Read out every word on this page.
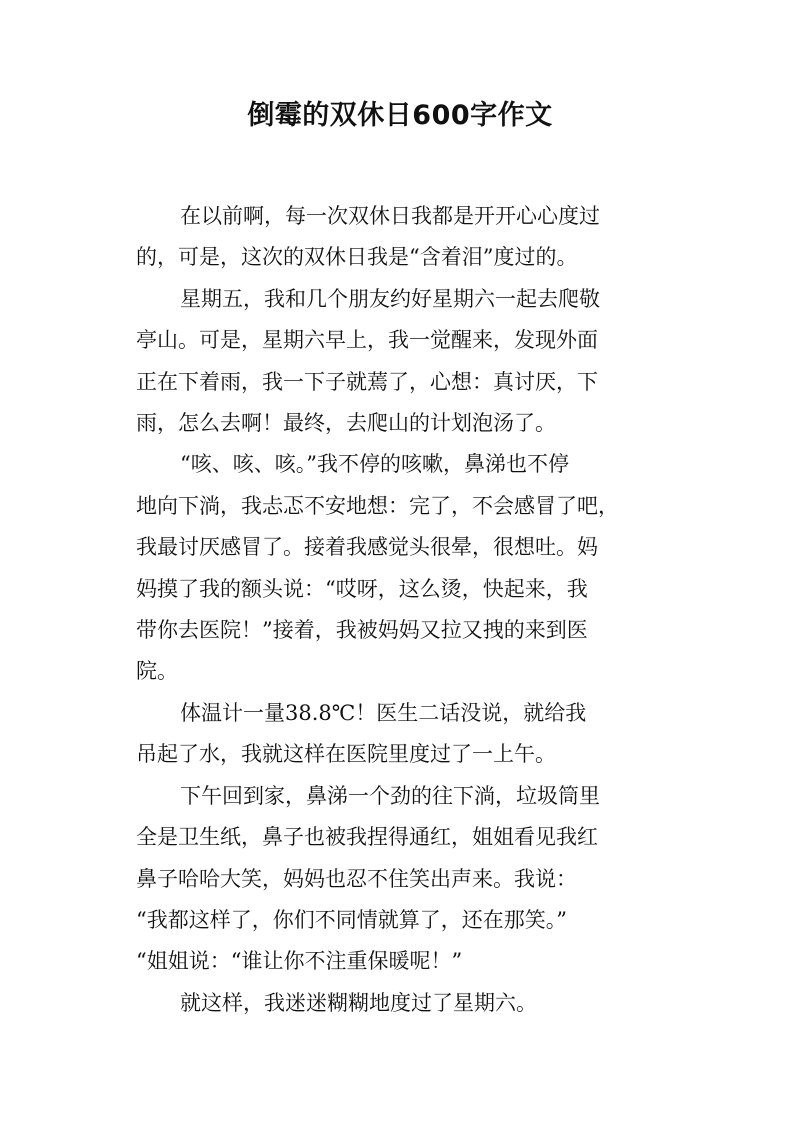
倒霉的双休日600字作文

在以前啊，每一次双休日我都是开开心心度过
的，可是，这次的双休日我是“含着泪”度过的。

星期五，我和几个朋友约好星期六一起去爬敬
亭山。可是，星期六早上，我一觉醒来，发现外面
正在下着雨，我一下子就蔫了，心想：真讨厌，下
雨，怎么去啊！最终，去爬山的计划泡汤了。

“咳、咳、咳。”我不停的咳嗽，鼻涕也不停
地向下淌，我忐忑不安地想：完了，不会感冒了吧，
我最讨厌感冒了。接着我感觉头很晕，很想吐。妈
妈摸了我的额头说：“哎呀，这么烫，快起来，我
带你去医院！”接着，我被妈妈又拉又拽的来到医
院。

体温计一量38.8℃！医生二话没说，就给我
吊起了水，我就这样在医院里度过了一上午。

下午回到家，鼻涕一个劲的往下淌，垃圾筒里
全是卫生纸，鼻子也被我捏得通红，姐姐看见我红
鼻子哈哈大笑，妈妈也忍不住笑出声来。我说：
“我都这样了，你们不同情就算了，还在那笑。”
“姐姐说：“谁让你不注重保暖呢！”

就这样，我迷迷糊糊地度过了星期六。
